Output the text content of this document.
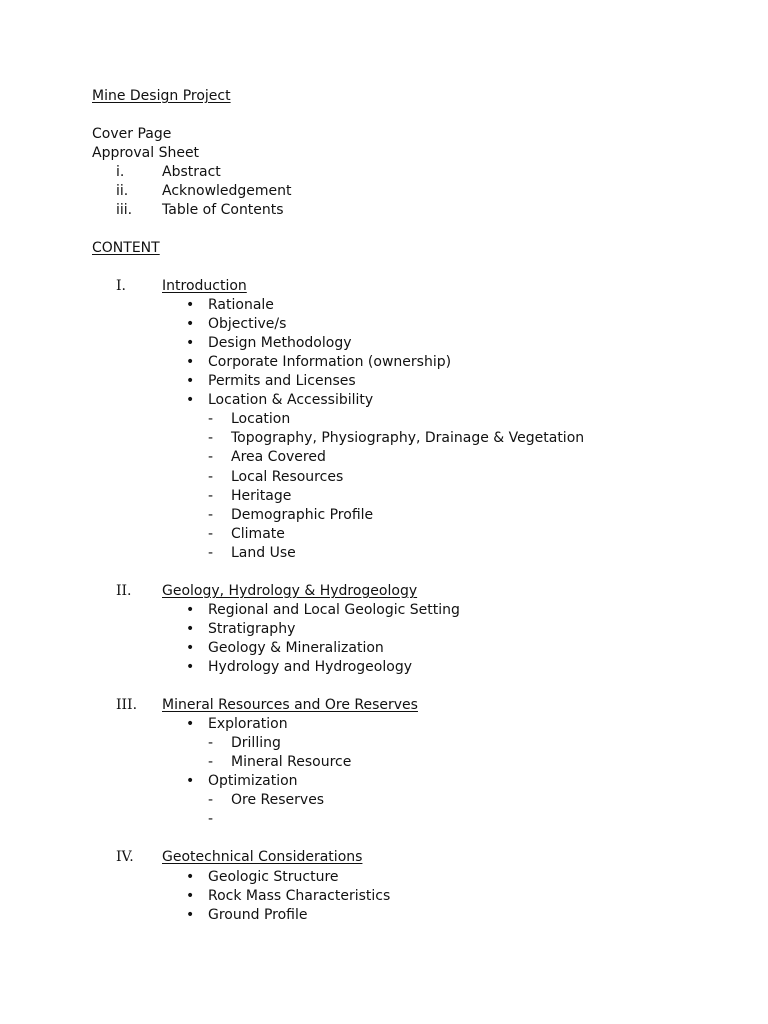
Mine Design Project
Cover Page
Approval Sheet
i.	Abstract
ii. Acknowledgement
iii. Table of Contents
CONTENT
I.	Introduction
• Rationale
• Objective/s
• Design Methodology
• Corporate Information (ownership)
• Permits and Licenses
• Location & Accessibility
- Location
- Topography, Physiography, Drainage & Vegetation
- Area Covered
- Local Resources
- Heritage
- Demographic Profile
- Climate
- Land Use
II. Geology, Hydrology & Hydrogeology
• Regional and Local Geologic Setting
• Stratigraphy
• Geology & Mineralization
• Hydrology and Hydrogeology
III. Mineral Resources and Ore Reserves
• Exploration
- Drilling
- Mineral Resource
• Optimization
- Ore Reserves
-
IV. Geotechnical Considerations
• Geologic Structure
• Rock Mass Characteristics
• Ground Profile
